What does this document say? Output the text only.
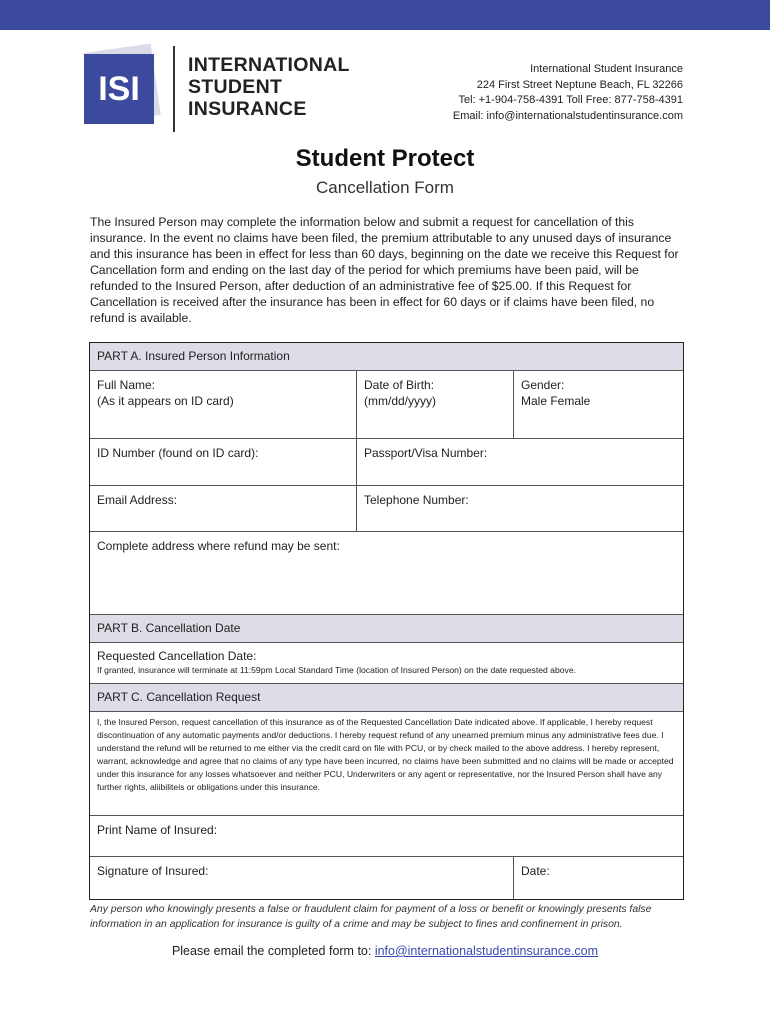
ISI
INTERNATIONAL
STUDENT
INSURANCE
International Student Insurance
224 First Street Neptune Beach, FL 32266
Tel: +1-904-758-4391 Toll Free: 877-758-4391
Email: info@internationalstudentinsurance.com
Student Protect
Cancellation Form
The Insured Person may complete the information below and submit a request for cancellation of this insurance. In the event no claims have been filed, the premium attributable to any unused days of insurance and this insurance has been in effect for less than 60 days, beginning on the date we receive this Request for Cancellation form and ending on the last day of the period for which premiums have been paid, will be refunded to the Insured Person, after deduction of an administrative fee of $25.00. If this Request for Cancellation is received after the insurance has been in effect for 60 days or if claims have been filed, no refund is available.
PART A. Insured Person Information
Full Name:
(As it appears on ID card)
Date of Birth:
(mm/dd/yyyy)
Gender:
Male Female
ID Number (found on ID card):	Passport/Visa Number:
Email Address:	Telephone Number:
Complete address where refund may be sent:
PART B. Cancellation Date
Requested Cancellation Date:
If granted, insurance will terminate at 11:59pm Local Standard Time (location of Insured Person) on the date requested above.
PART C. Cancellation Request
I, the Insured Person, request cancellation of this insurance as of the Requested Cancellation Date indicated above. If applicable, I hereby request discontinuation of any automatic payments and/or deductions. I hereby request refund of any unearned premium minus any administrative fees due. I understand the refund will be returned to me either via the credit card on file with PCU, or by check mailed to the above address. I hereby represent, warrant, acknowledge and agree that no claims of any type have been incurred, no claims have been submitted and no claims will be made or accepted under this insurance for any losses whatsoever and neither PCU, Underwriters or any agent or representative, nor the Insured Person shall have any further rights, aliibiliteis or obligations under this insurance.
Print Name of Insured:
Signature of Insured:	Date:
Any person who knowingly presents a false or fraudulent claim for payment of a loss or benefit or knowingly presents false information in an application for insurance is guilty of a crime and may be subject to fines and confinement in prison.
Please email the completed form to: info@internationalstudentinsurance.com
